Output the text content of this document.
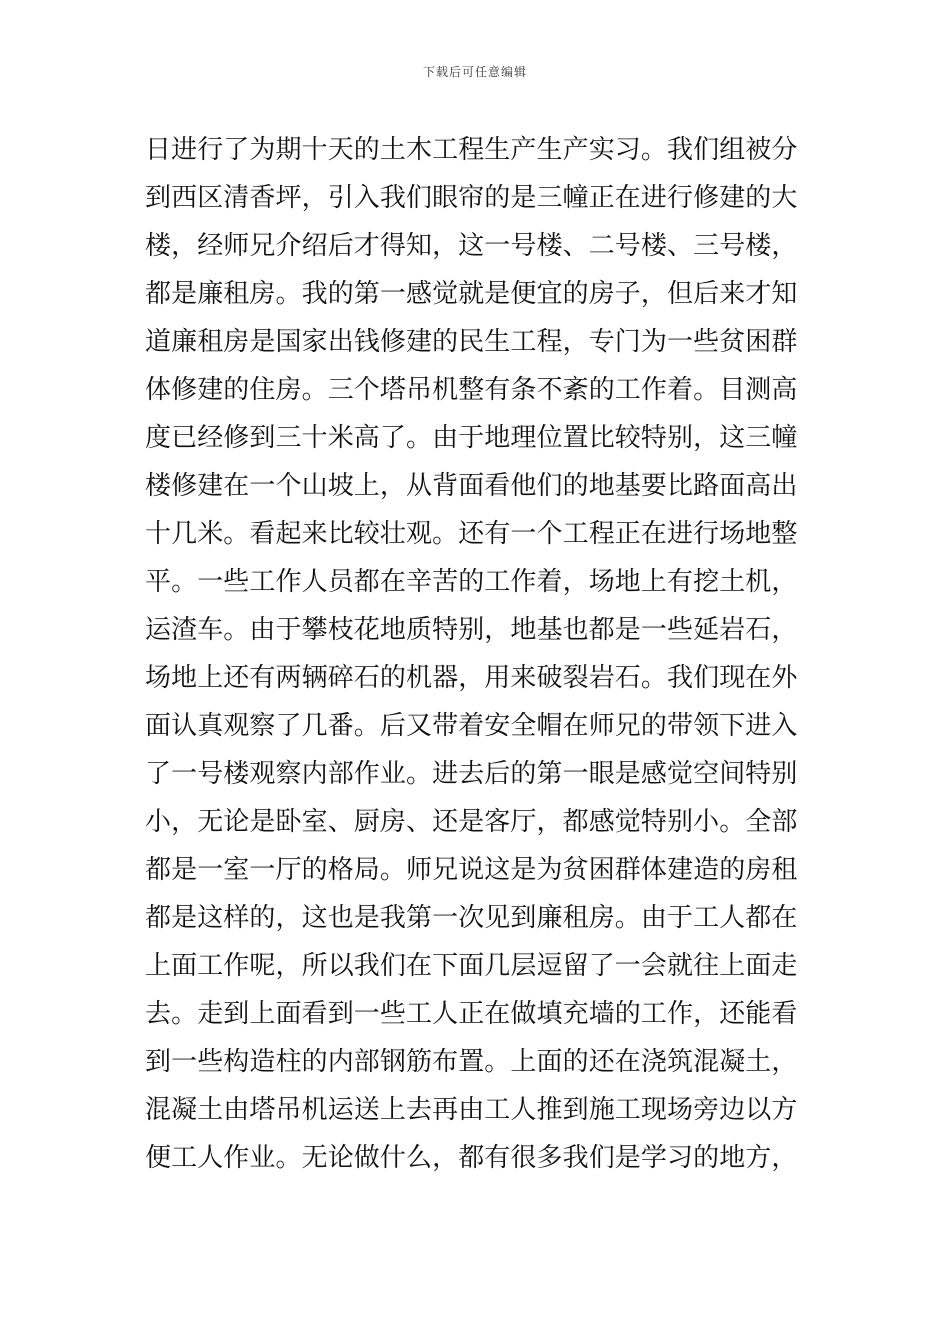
下载后可任意编辑
日进行了为期十天的土木工程生产生产实习。我们组被分
到西区清香坪，引入我们眼帘的是三幢正在进行修建的大
楼，经师兄介绍后才得知，这一号楼、二号楼、三号楼，
都是廉租房。我的第一感觉就是便宜的房子，但后来才知
道廉租房是国家出钱修建的民生工程，专门为一些贫困群
体修建的住房。三个塔吊机整有条不紊的工作着。目测高
度已经修到三十米高了。由于地理位置比较特别，这三幢
楼修建在一个山坡上，从背面看他们的地基要比路面高出
十几米。看起来比较壮观。还有一个工程正在进行场地整
平。一些工作人员都在辛苦的工作着，场地上有挖土机，
运渣车。由于攀枝花地质特别，地基也都是一些延岩石，
场地上还有两辆碎石的机器，用来破裂岩石。我们现在外
面认真观察了几番。后又带着安全帽在师兄的带领下进入
了一号楼观察内部作业。进去后的第一眼是感觉空间特别
小，无论是卧室、厨房、还是客厅，都感觉特别小。全部
都是一室一厅的格局。师兄说这是为贫困群体建造的房租
都是这样的，这也是我第一次见到廉租房。由于工人都在
上面工作呢，所以我们在下面几层逗留了一会就往上面走
去。走到上面看到一些工人正在做填充墙的工作，还能看
到一些构造柱的内部钢筋布置。上面的还在浇筑混凝土，
混凝土由塔吊机运送上去再由工人推到施工现场旁边以方
便工人作业。无论做什么，都有很多我们是学习的地方，
